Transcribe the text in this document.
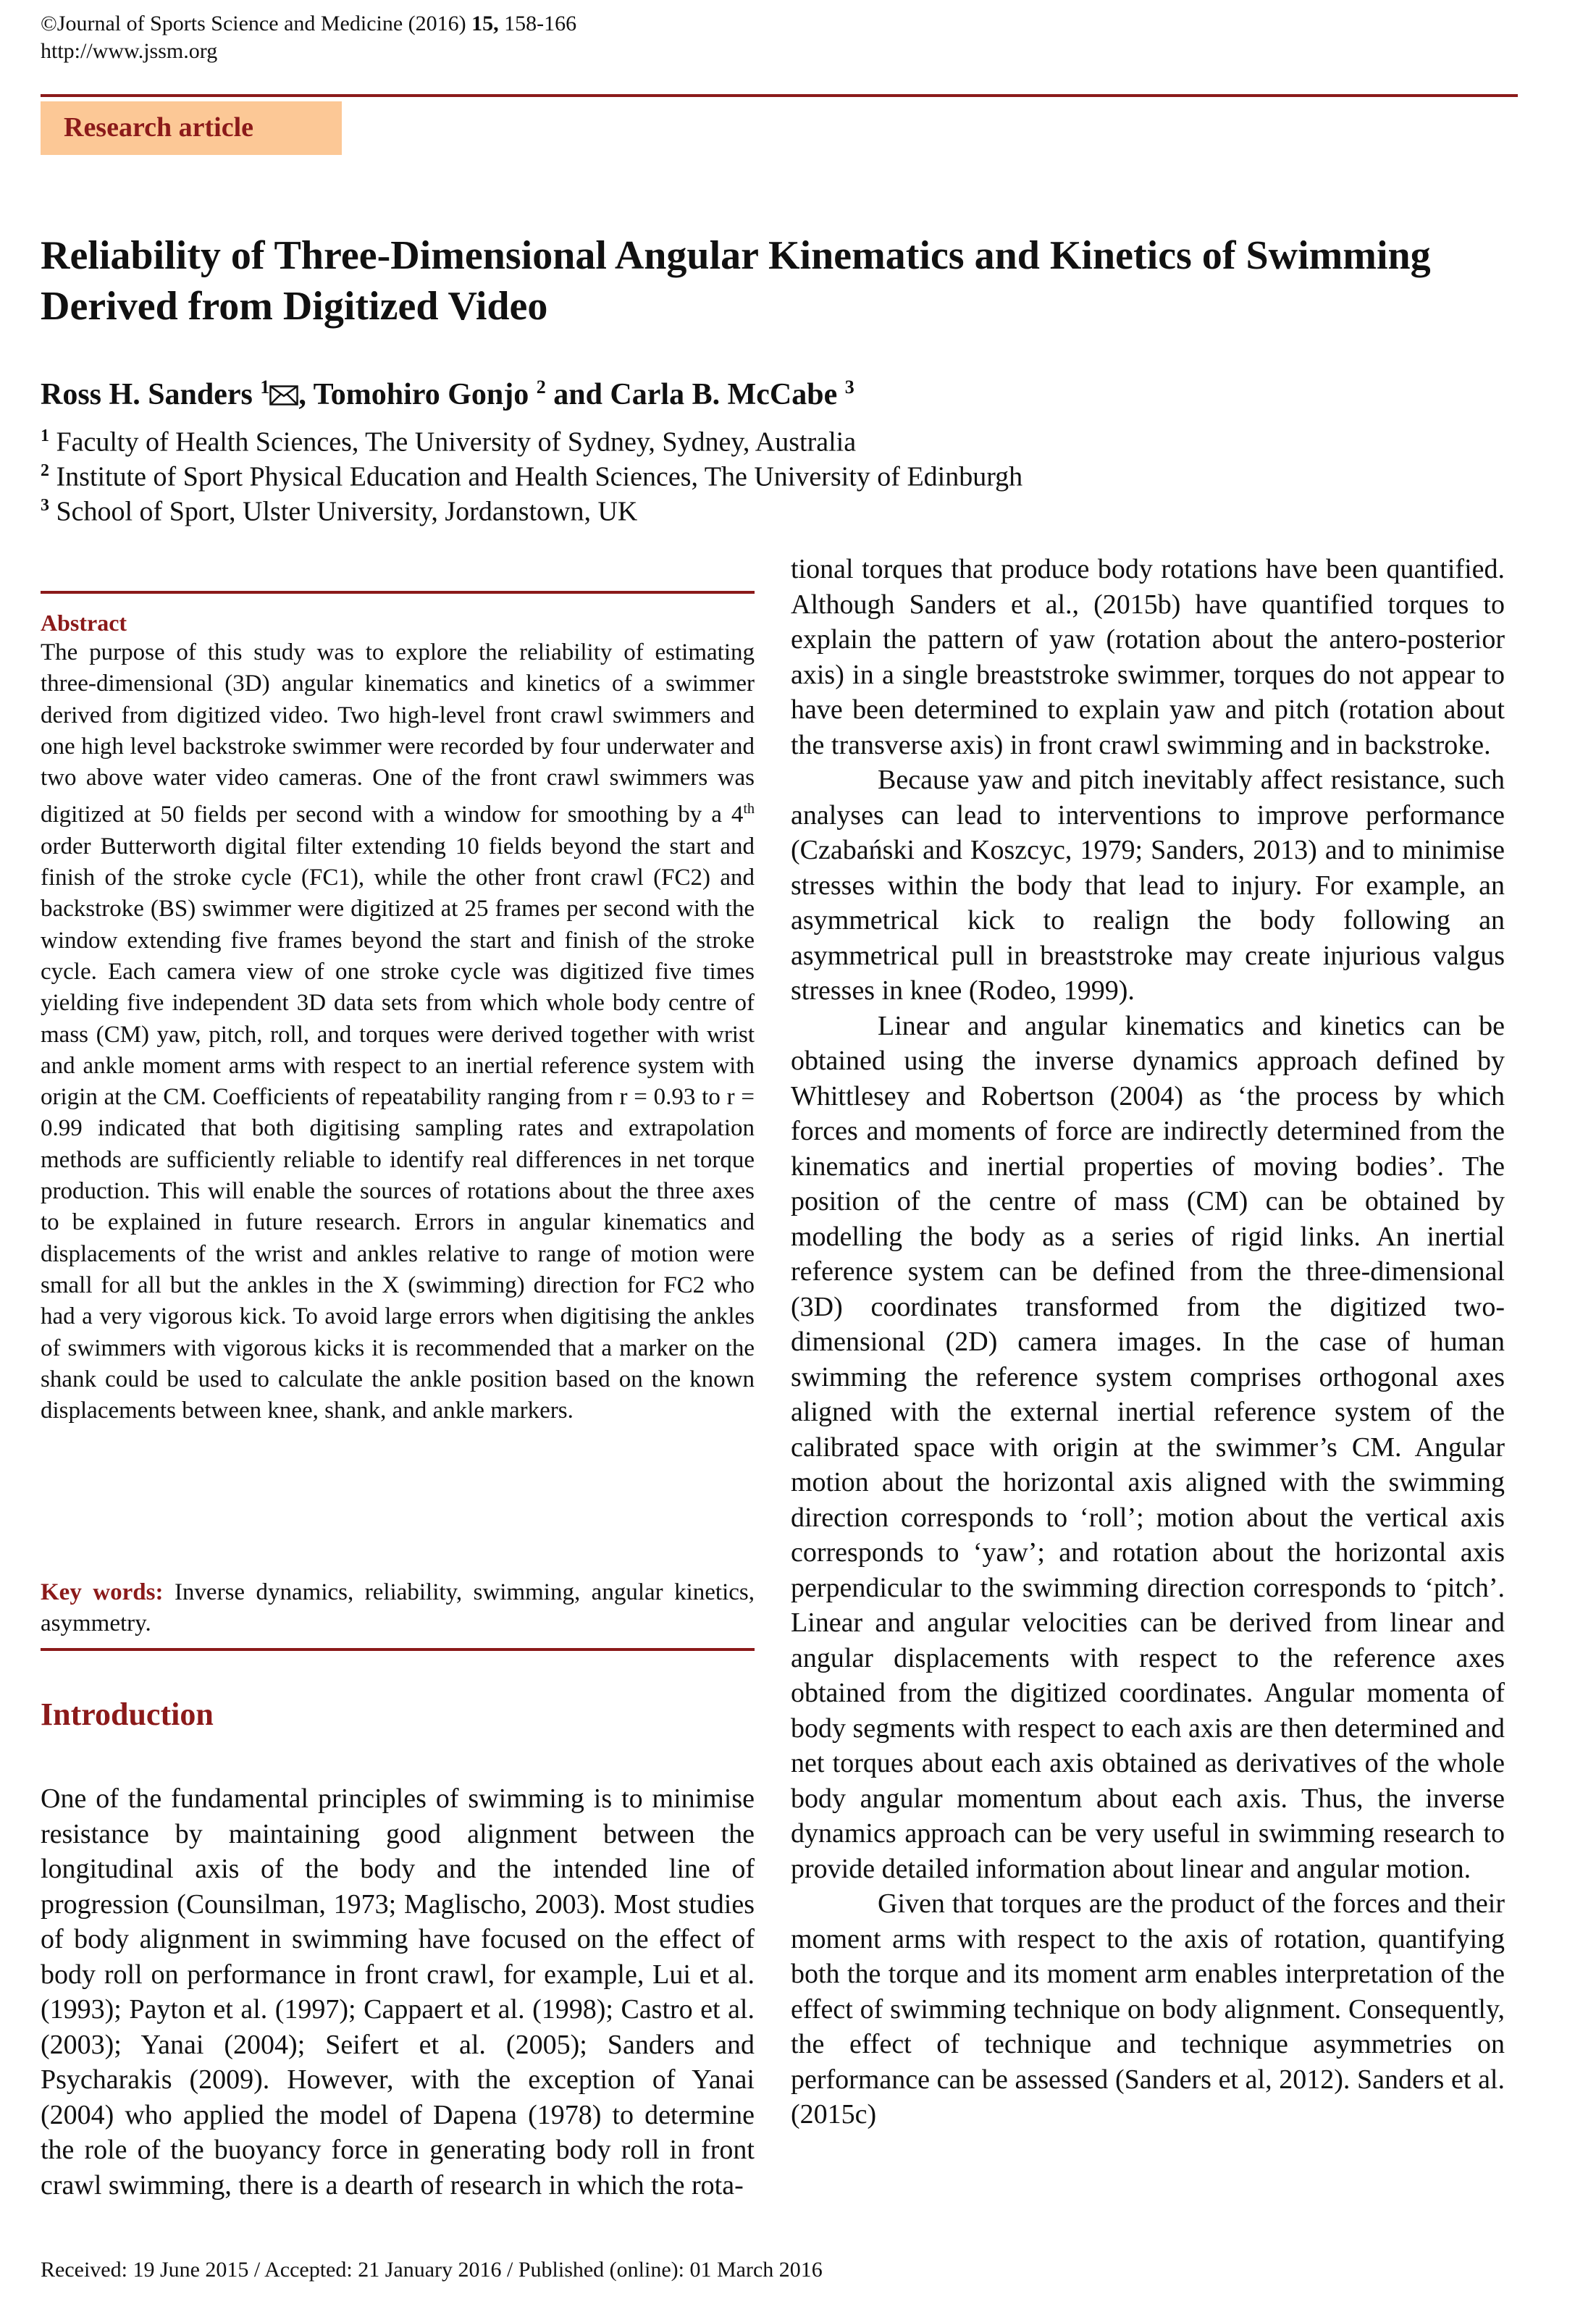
©Journal of Sports Science and Medicine (2016) 15, 158-166
http://www.jssm.org
Research article
Reliability of Three-Dimensional Angular Kinematics and Kinetics of Swimming Derived from Digitized Video
Ross H. Sanders $^1$ , Tomohiro Gonjo $^2$ and Carla B. McCabe $^3$
$^1$ Faculty of Health Sciences, The University of Sydney, Sydney, Australia
$^2$ Institute of Sport Physical Education and Health Sciences, The University of Edinburgh
$^3$ School of Sport, Ulster University, Jordanstown, UK
Abstract
The purpose of this study was to explore the reliability of estimating three-dimensional (3D) angular kinematics and kinetics of a swimmer derived from digitized video. Two high-level front crawl swimmers and one high level backstroke swimmer were recorded by four underwater and two above water video cameras. One of the front crawl swimmers was digitized at 50 fields per second with a window for smoothing by a 4th order Butterworth digital filter extending 10 fields beyond the start and finish of the stroke cycle (FC1), while the other front crawl (FC2) and backstroke (BS) swimmer were digitized at 25 frames per second with the window extending five frames beyond the start and finish of the stroke cycle. Each camera view of one stroke cycle was digitized five times yielding five independent 3D data sets from which whole body centre of mass (CM) yaw, pitch, roll, and torques were derived together with wrist and ankle moment arms with respect to an inertial reference system with origin at the CM. Coefficients of repeatability ranging from r = 0.93 to r = 0.99 indicated that both digitising sampling rates and extrapolation methods are sufficiently reliable to identify real differences in net torque production. This will enable the sources of rotations about the three axes to be explained in future research. Errors in angular kinematics and displacements of the wrist and ankles relative to range of motion were small for all but the ankles in the X (swimming) direction for FC2 who had a very vigorous kick. To avoid large errors when digitising the ankles of swimmers with vigorous kicks it is recommended that a marker on the shank could be used to calculate the ankle position based on the known displacements between knee, shank, and ankle markers.
Key words: Inverse dynamics, reliability, swimming, angular kinetics, asymmetry.
Introduction

One of the fundamental principles of swimming is to minimise resistance by maintaining good alignment between the longitudinal axis of the body and the intended line of progression (Counsilman, 1973; Maglischo, 2003). Most studies of body alignment in swimming have focused on the effect of body roll on performance in front crawl, for example, Lui et al. (1993); Payton et al. (1997); Cappaert et al. (1998); Castro et al. (2003); Yanai (2004); Seifert et al. (2005); Sanders and Psycharakis (2009). However, with the exception of Yanai (2004) who applied the model of Dapena (1978) to determine the role of the buoyancy force in generating body roll in front crawl swimming, there is a dearth of research in which the rota-

tional torques that produce body rotations have been quantified. Although Sanders et al., (2015b) have quantified torques to explain the pattern of yaw (rotation about the antero-posterior axis) in a single breaststroke swimmer, torques do not appear to have been determined to explain yaw and pitch (rotation about the transverse axis) in front crawl swimming and in backstroke.

Because yaw and pitch inevitably affect resistance, such analyses can lead to interventions to improve performance (Czabański and Koszcyc, 1979; Sanders, 2013) and to minimise stresses within the body that lead to injury. For example, an asymmetrical kick to realign the body following an asymmetrical pull in breaststroke may create injurious valgus stresses in knee (Rodeo, 1999).

Linear and angular kinematics and kinetics can be obtained using the inverse dynamics approach defined by Whittlesey and Robertson (2004) as ‘the process by which forces and moments of force are indirectly determined from the kinematics and inertial properties of moving bodies’. The position of the centre of mass (CM) can be obtained by modelling the body as a series of rigid links. An inertial reference system can be defined from the three-dimensional (3D) coordinates transformed from the digitized two-dimensional (2D) camera images. In the case of human swimming the reference system comprises orthogonal axes aligned with the external inertial reference system of the calibrated space with origin at the swimmer’s CM. Angular motion about the horizontal axis aligned with the swimming direction corresponds to ‘roll’; motion about the vertical axis corresponds to ‘yaw’; and rotation about the horizontal axis perpendicular to the swimming direction corresponds to ‘pitch’. Linear and angular velocities can be derived from linear and angular displacements with respect to the reference axes obtained from the digitized coordinates. Angular momenta of body segments with respect to each axis are then determined and net torques about each axis obtained as derivatives of the whole body angular momentum about each axis. Thus, the inverse dynamics approach can be very useful in swimming research to provide detailed information about linear and angular motion.

Given that torques are the product of the forces and their moment arms with respect to the axis of rotation, quantifying both the torque and its moment arm enables interpretation of the effect of swimming technique on body alignment. Consequently, the effect of technique and technique asymmetries on performance can be assessed (Sanders et al, 2012). Sanders et al. (2015c)

Received: 19 June 2015 / Accepted: 21 January 2016 / Published (online): 01 March 2016
